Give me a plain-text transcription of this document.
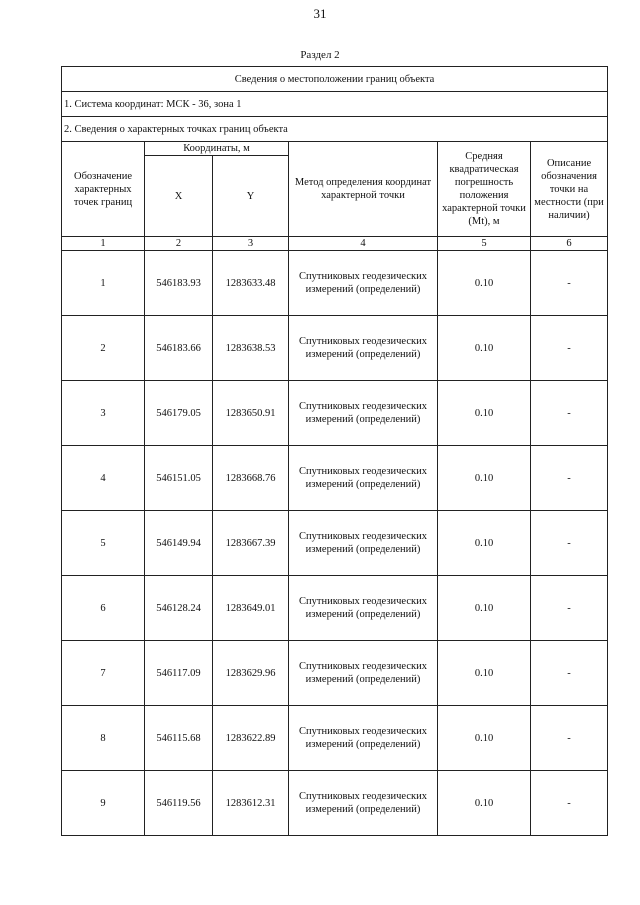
31
Раздел 2
Сведения о местоположении границ объекта					
1. Система координат: МСК - 36, зона 1					
2. Сведения о характерных точках границ объекта					
Обозначение характерных точек границ	Координаты, м		Метод определения координат характерной точки	Средняя квадратическая погрешность положения характерной точки (Mt), м	Описание обозначения точки на местности (при наличии)
	X	Y			
1	2	3	4	5	6
1	546183.93	1283633.48	Спутниковых геодезических измерений (определений)	0.10	-
2	546183.66	1283638.53	Спутниковых геодезических измерений (определений)	0.10	-
3	546179.05	1283650.91	Спутниковых геодезических измерений (определений)	0.10	-
4	546151.05	1283668.76	Спутниковых геодезических измерений (определений)	0.10	-
5	546149.94	1283667.39	Спутниковых геодезических измерений (определений)	0.10	-
6	546128.24	1283649.01	Спутниковых геодезических измерений (определений)	0.10	-
7	546117.09	1283629.96	Спутниковых геодезических измерений (определений)	0.10	-
8	546115.68	1283622.89	Спутниковых геодезических измерений (определений)	0.10	-
9	546119.56	1283612.31	Спутниковых геодезических измерений (определений)	0.10	-
